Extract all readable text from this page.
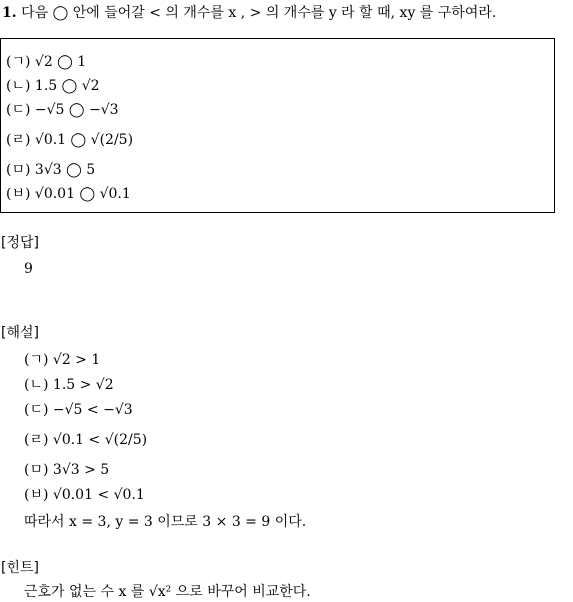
1. 다음 ◯ 안에 들어갈 < 의 개수를 x , > 의 개수를 y 라 할 때, xy 를 구하여라.
(ㄱ) √2 ◯ 1
(ㄴ) 1.5 ◯ √2
(ㄷ) −√5 ◯ −√3
(ㄹ) √0.1 ◯ √(2/5)
(ㅁ) 3√3 ◯ 5
(ㅂ) √0.01 ◯ √0.1
[정답]
9
[해설]
(ㄱ) √2 > 1
(ㄴ) 1.5 > √2
(ㄷ) −√5 < −√3
(ㄹ) √0.1 < √(2/5)
(ㅁ) 3√3 > 5
(ㅂ) √0.01 < √0.1
따라서 x = 3, y = 3 이므로 3 × 3 = 9 이다.
[힌트]
근호가 없는 수 x 를 √x² 으로 바꾸어 비교한다.
